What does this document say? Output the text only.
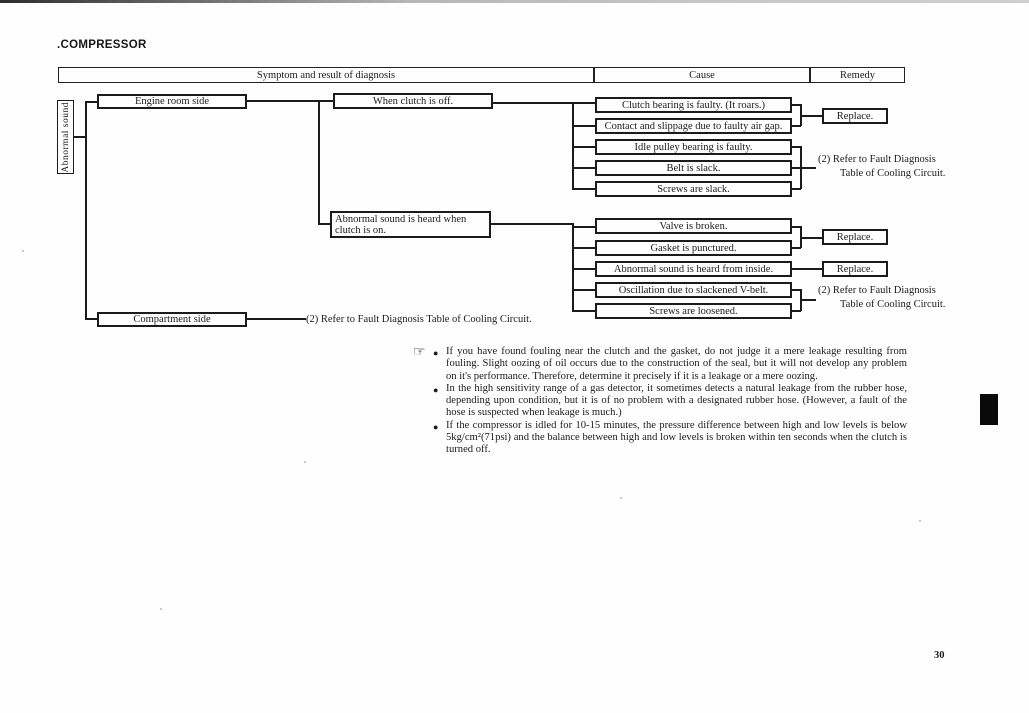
.COMPRESSOR
Symptom and result of diagnosis	Cause	Remedy
Abnormal sound
Engine room side
Compartment side
When clutch is off.
Abnormal sound is heard when
clutch is on.
Clutch bearing is faulty. (It roars.)
Contact and slippage due to faulty air gap.
Idle pulley bearing is faulty.
Belt is slack.
Screws are slack.
Valve is broken.
Gasket is punctured.
Abnormal sound is heard from inside.
Oscillation due to slackened V-belt.
Screws are loosened.
Replace.
Replace.
Replace.
(2) Refer to Fault Diagnosis
Table of Cooling Circuit.
(2) Refer to Fault Diagnosis
Table of Cooling Circuit.
(2) Refer to Fault Diagnosis Table of Cooling Circuit.
☞ ● If you have found fouling near the clutch and the gasket, do not judge it a mere leakage resulting from fouling. Slight oozing of oil occurs due to the construction of the seal, but it will not develop any problem on it's performance. Therefore, determine it precisely if it is a leakage or a mere oozing.
● In the high sensitivity range of a gas detector, it sometimes detects a natural leakage from the rubber hose, depending upon condition, but it is of no problem with a designated rubber hose. (However, a fault of the hose is suspected when leakage is much.)
● If the compressor is idled for 10-15 minutes, the pressure difference between high and low levels is below 5kg/cm²(71psi) and the balance between high and low levels is broken within ten seconds when the clutch is turned off.
30
